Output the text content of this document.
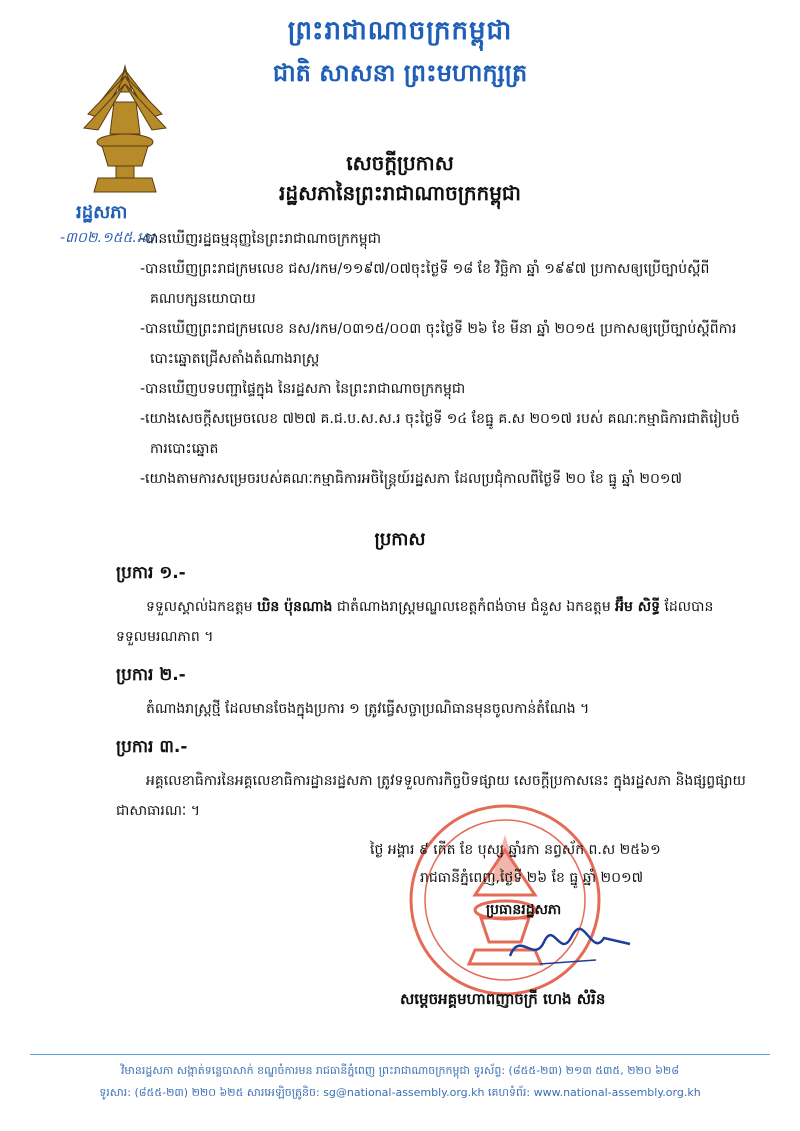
ព្រះរាជាណាចក្រកម្ពុជា
ជាតិ សាសនា ព្រះមហាក្សត្រ
រដ្ឋសភា
-៣០២.១៥៥.រស.
សេចក្តីប្រកាស
រដ្ឋសភានៃព្រះរាជាណាចក្រកម្ពុជា

-បានឃើញរដ្ឋធម្មនុញ្ញនៃព្រះរាជាណាចក្រកម្ពុជា

-បានឃើញព្រះរាជក្រមលេខ ជស/រកម/១១៩៧/០៧ចុះថ្ងៃទី ១៨ ខែ វិច្ឆិកា ឆ្នាំ ១៩៩៧ ប្រកាសឲ្យប្រើច្បាប់ស្តីពីគណបក្សនយោបាយ

-បានឃើញព្រះរាជក្រមលេខ នស/រកម/០៣១៥/០០៣ ចុះថ្ងៃទី ២៦ ខែ មីនា ឆ្នាំ ២០១៥ ប្រកាសឲ្យប្រើច្បាប់ស្តីពីការបោះឆ្នោតជ្រើសតាំងតំណាងរាស្ត្រ

-បានឃើញបទបញ្ជាផ្ទៃក្នុង នៃរដ្ឋសភា នៃព្រះរាជាណាចក្រកម្ពុជា

-យោងសេចក្តីសម្រេចលេខ ៧២៧ គ.ជ.ប.ស.ស.រ ចុះថ្ងៃទី ១៤ ខែធ្នូ គ.ស ២០១៧ របស់ គណៈកម្មាធិការជាតិរៀបចំការបោះឆ្នោត

-យោងតាមការសម្រេចរបស់គណៈកម្មាធិការអចិន្ត្រៃយ៍រដ្ឋសភា ដែលប្រជុំកាលពីថ្ងៃទី ២០ ខែ ធ្នូ ឆ្នាំ ២០១៧

ប្រកាស
ប្រការ ១.-
ទទួលស្គាល់ឯកឧត្តម ឃិន ប៉ុនណាង ជាតំណាងរាស្ត្រមណ្ឌលខេត្តកំពង់ចាម ជំនួស ឯកឧត្តម អ៊ឹម សិទ្ធី ដែលបានទទួលមរណភាព ។
ប្រការ ២.-
តំណាងរាស្ត្រថ្មី ដែលមានចែងក្នុងប្រការ ១ ត្រូវធ្វើសច្ចាប្រណិធានមុនចូលកាន់តំណែង ។
ប្រការ ៣.-
អគ្គលេខាធិការនៃអគ្គលេខាធិការដ្ឋានរដ្ឋសភា ត្រូវទទួលការកិច្ចបិទផ្សាយ សេចក្តីប្រកាសនេះ ក្នុងរដ្ឋសភា និងផ្សព្វផ្សាយជាសាធារណៈ ។
ថ្ងៃ អង្គារ ៩ កើត ខែ បុស្ស ឆ្នាំរកា នព្វស័ក ព.ស ២៥៦១
រាជធានីភ្នំពេញ,ថ្ងៃទី ២៦ ខែ ធ្នូ ឆ្នាំ ២០១៧
ប្រធានរដ្ឋសភា
សម្តេចអគ្គមហាពញាចក្រី ហេង សំរិន
វិមានរដ្ឋសភា សង្កាត់ទន្លេបាសាក់ ខណ្ឌចំការមន រាជធានីភ្នំពេញ ព្រះរាជាណាចក្រកម្ពុជា ទូរស័ព្ទ: (៨៥៥-២៣) ២១៣ ៥៣៥, ២២០ ៦២៨
ទូរសារ: (៨៥៥-២៣) ២២០ ៦២៥ សារអេឡិចត្រូនិច: sg@national-assembly.org.kh គេហទំព័រ: www.national-assembly.org.kh
